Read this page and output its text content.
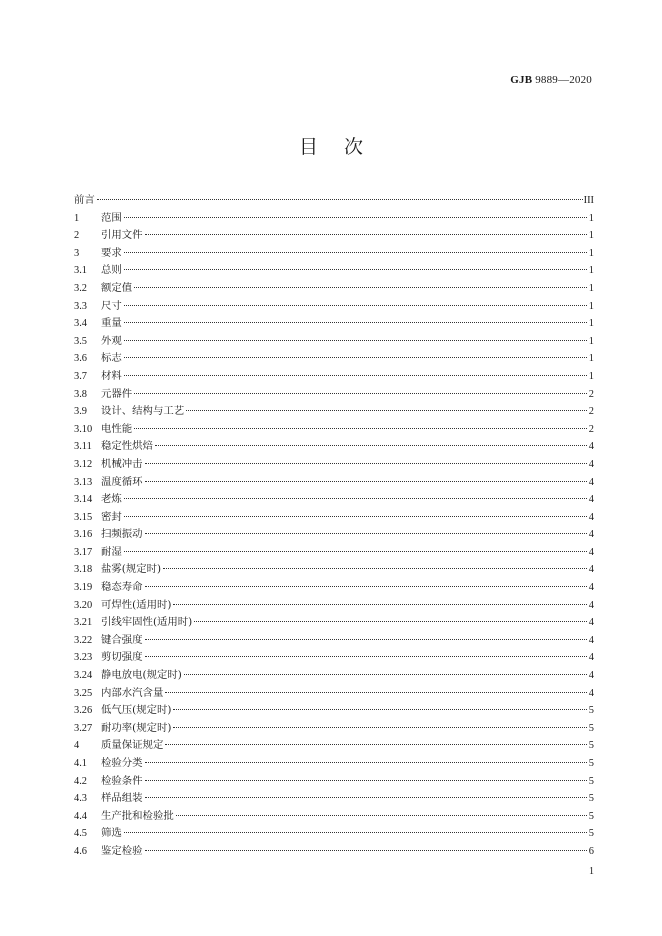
GJB 9889—2020
目次
前言	III
1	范围	1
2	引用文件	1
3	要求	1
3.1	总则	1
3.2	额定值	1
3.3	尺寸	1
3.4	重量	1
3.5	外观	1
3.6	标志	1
3.7	材料	1
3.8	元器件	2
3.9	设计、结构与工艺	2
3.10 电性能	2
3.11 稳定性烘焙	4
3.12 机械冲击	4
3.13 温度循环	4
3.14 老炼	4
3.15 密封	4
3.16 扫频振动	4
3.17 耐湿	4
3.18 盐雾(规定时)	4
3.19 稳态寿命	4
3.20 可焊性(适用时)	4
3.21 引线牢固性(适用时)	4
3.22 键合强度	4
3.23 剪切强度	4
3.24 静电放电(规定时)	4
3.25 内部水汽含量	4
3.26 低气压(规定时)	5
3.27 耐功率(规定时)	5
4	质量保证规定	5
4.1	检验分类	5
4.2	检验条件	5
4.3	样品组装	5
4.4	生产批和检验批	5
4.5	筛选	5
4.6	鉴定检验	6
1
